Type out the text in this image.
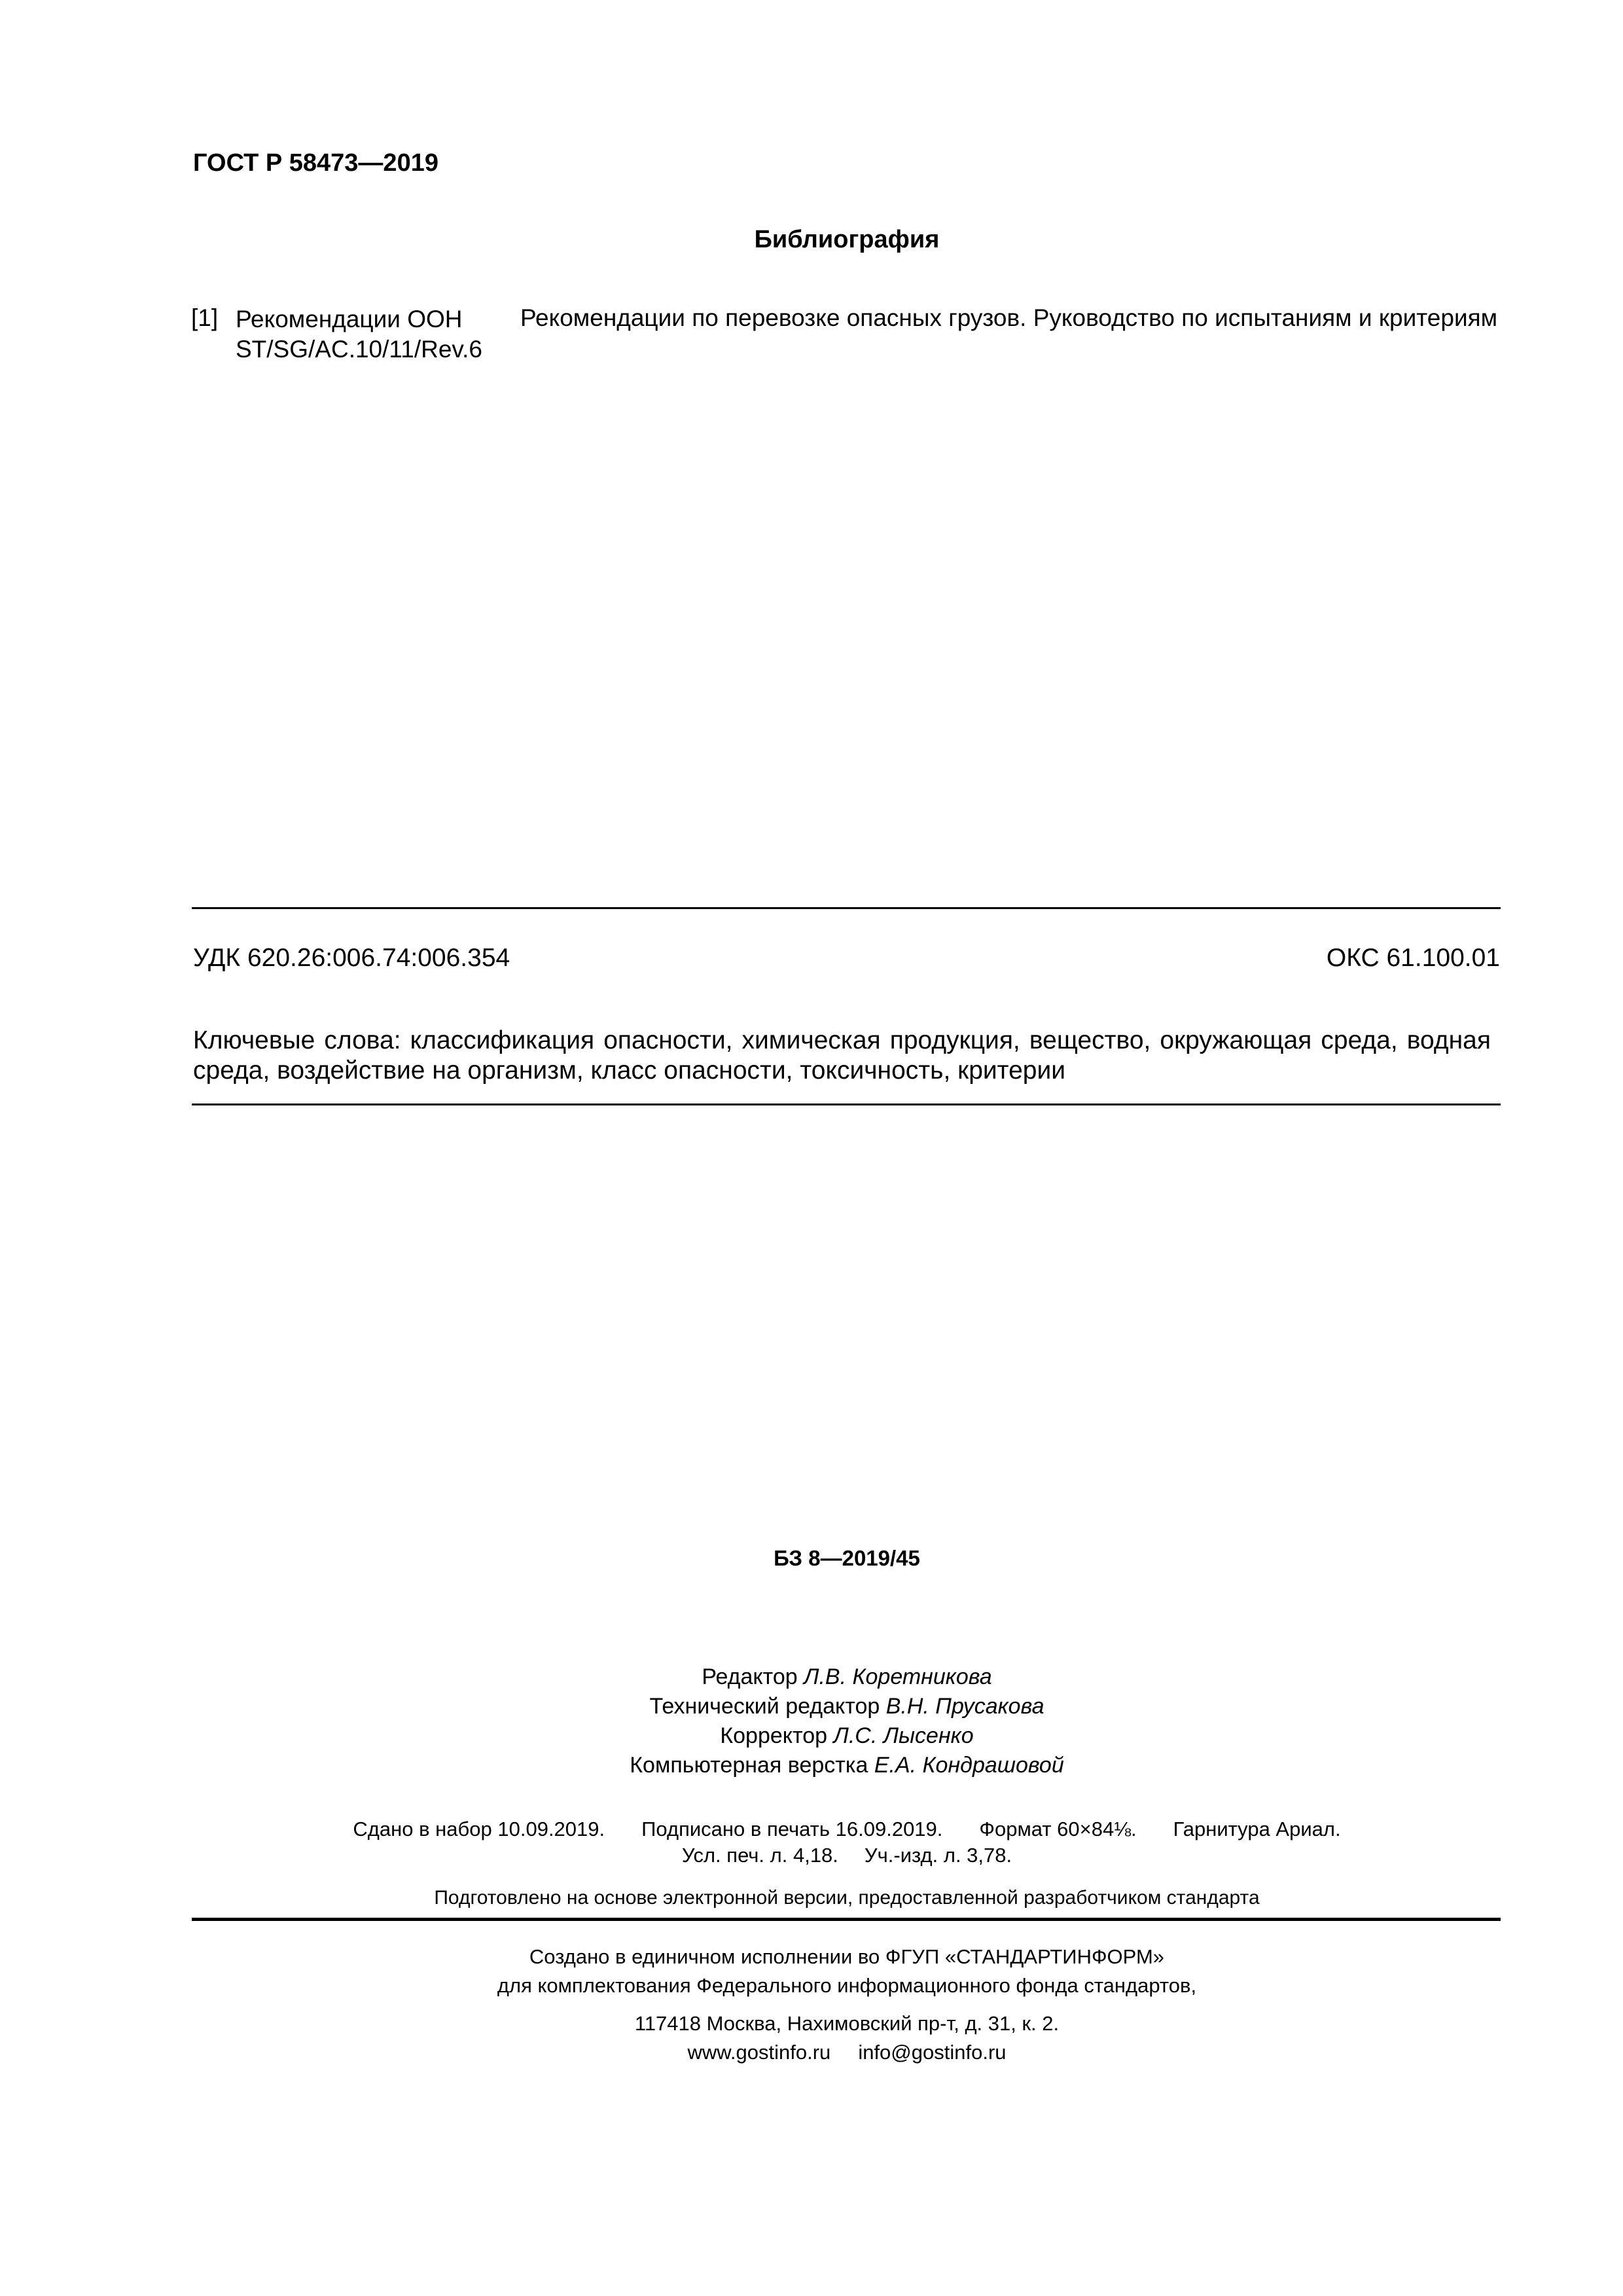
ГОСТ Р 58473—2019
Библиография
[1] Рекомендации ООН
ST/SG/AC.10/11/Rev.6
Рекомендации по перевозке опасных грузов. Руководство по испытаниям и критериям
УДК 620.26:006.74:006.354	ОКС 61.100.01
Ключевые слова: классификация опасности, химическая продукция, вещество, окружающая среда, водная среда, воздействие на организм, класс опасности, токсичность, критерии
БЗ 8—2019/45
Редактор Л.В. Коретникова
Технический редактор В.Н. Прусакова
Корректор Л.С. Лысенко
Компьютерная верстка Е.А. Кондрашовой
Сдано в набор 10.09.2019. Подписано в печать 16.09.2019. Формат 60×84⅛. Гарнитура Ариал.
Усл. печ. л. 4,18. Уч.-изд. л. 3,78.
Подготовлено на основе электронной версии, предоставленной разработчиком стандарта
Создано в единичном исполнении во ФГУП «СТАНДАРТИНФОРМ»
для комплектования Федерального информационного фонда стандартов,
117418 Москва, Нахимовский пр-т, д. 31, к. 2.
www.gostinfo.ru info@gostinfo.ru
